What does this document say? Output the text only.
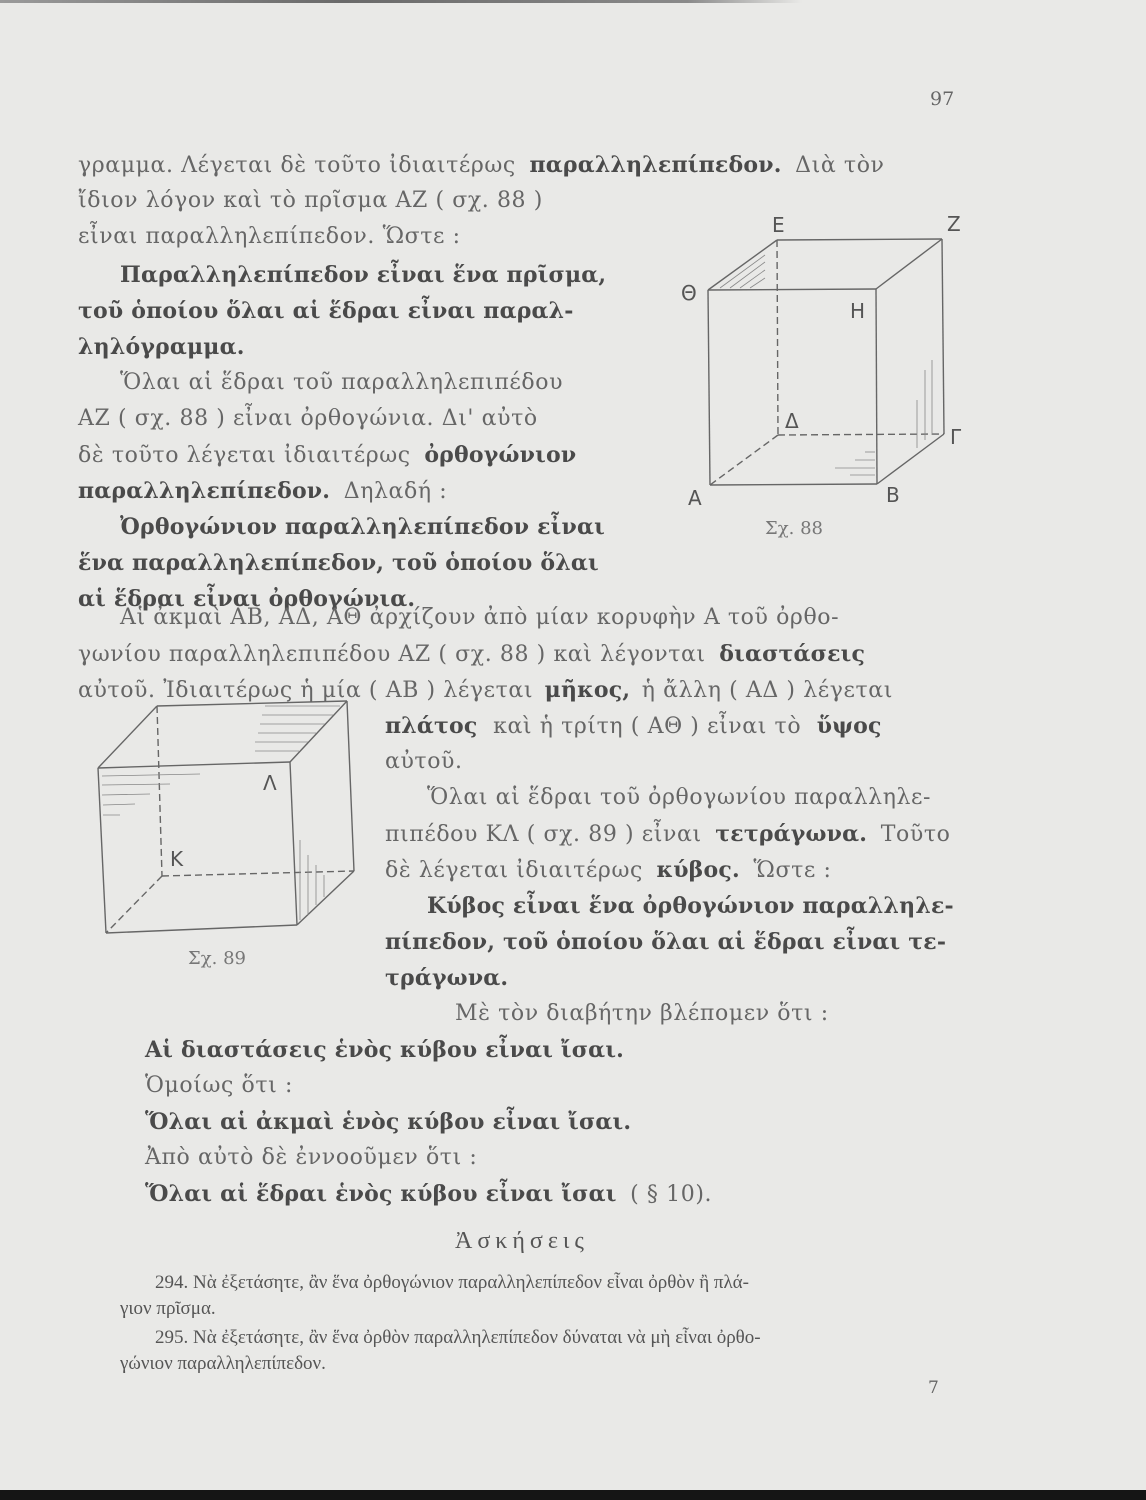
97
γραμμα. Λέγεται δὲ τοῦτο ἰδιαιτέρως παραλληλεπίπεδον. Διὰ τὸν
ἴδιον λόγον καὶ τὸ πρῖσμα ΑΖ ( σχ. 88 )
εἶναι παραλληλεπίπεδον. Ὥστε :
Παραλληλεπίπεδον εἶναι ἕνα πρῖσμα,
τοῦ ὁποίου ὅλαι αἱ ἕδραι εἶναι παραλ-
ληλόγραμμα.
Ὅλαι αἱ ἕδραι τοῦ παραλληλεπιπέδου
ΑΖ ( σχ. 88 ) εἶναι ὀρθογώνια. Δι' αὐτὸ
δὲ τοῦτο λέγεται ἰδιαιτέρως ὀρθογώνιον
παραλληλεπίπεδον. Δηλαδή :
Ὀρθογώνιον παραλληλεπίπεδον εἶναι
ἕνα παραλληλεπίπεδον, τοῦ ὁποίου ὅλαι
αἱ ἕδραι εἶναι ὀρθογώνια.
Ε	Ζ
Θ
Η
Δ
Γ
Α	Β
Σχ. 88
Αἱ ἀκμαὶ ΑΒ, ΑΔ, ΑΘ ἀρχίζουν ἀπὸ μίαν κορυφὴν Α τοῦ ὀρθο-
γωνίου παραλληλεπιπέδου ΑΖ ( σχ. 88 ) καὶ λέγονται διαστάσεις
αὐτοῦ. Ἰδιαιτέρως ἡ μία ( ΑΒ ) λέγεται μῆκος, ἡ ἄλλη ( ΑΔ ) λέγεται
πλάτος καὶ ἡ τρίτη ( ΑΘ ) εἶναι τὸ ὕψος
αὐτοῦ.
Λ
Κ
Σχ. 89
Ὅλαι αἱ ἕδραι τοῦ ὀρθογωνίου παραλληλε-
πιπέδου ΚΛ ( σχ. 89 ) εἶναι τετράγωνα. Τοῦτο
δὲ λέγεται ἰδιαιτέρως κύβος. Ὥστε :
Κύβος εἶναι ἕνα ὀρθογώνιον παραλληλε-
πίπεδον, τοῦ ὁποίου ὅλαι αἱ ἕδραι εἶναι τε-
τράγωνα.
Μὲ τὸν διαβήτην βλέπομεν ὅτι :
Αἱ διαστάσεις ἑνὸς κύβου εἶναι ἴσαι.
Ὁμοίως ὅτι :
Ὅλαι αἱ ἀκμαὶ ἑνὸς κύβου εἶναι ἴσαι.
Ἀπὸ αὐτὸ δὲ ἐννοοῦμεν ὅτι :
Ὅλαι αἱ ἕδραι ἑνὸς κύβου εἶναι ἴσαι ( § 10).
Ἀσκήσεις
294. Νὰ ἐξετάσητε, ἂν ἕνα ὀρθογώνιον παραλληλεπίπεδον εἶναι ὀρθὸν ἢ πλά-
γιον πρῖσμα.
295. Νὰ ἐξετάσητε, ἂν ἕνα ὀρθὸν παραλληλεπίπεδον δύναται νὰ μὴ εἶναι ὀρθο-
γώνιον παραλληλεπίπεδον.
7
